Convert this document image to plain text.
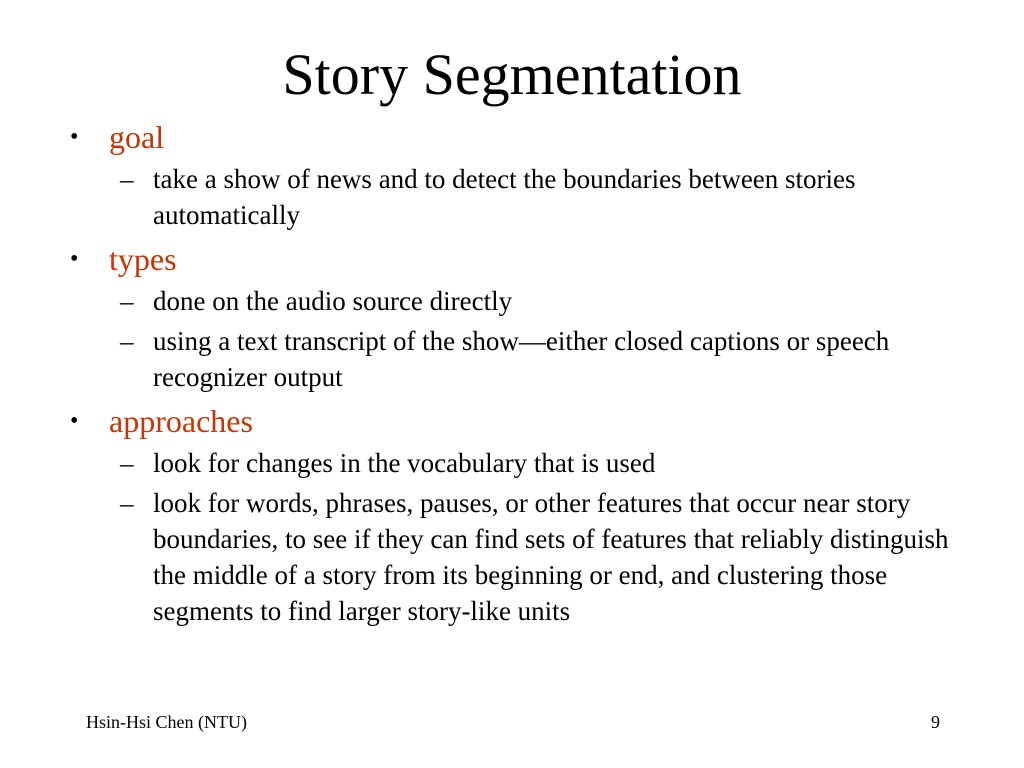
Story Segmentation
• goal
– take a show of news and to detect the boundaries between stories automatically
• types
– done on the audio source directly
– using a text transcript of the show—either closed captions or speech recognizer output
• approaches
– look for changes in the vocabulary that is used
– look for words, phrases, pauses, or other features that occur near story boundaries, to see if they can find sets of features that reliably distinguish the middle of a story from its beginning or end, and clustering those segments to find larger story-like units
Hsin-Hsi Chen (NTU)	9
